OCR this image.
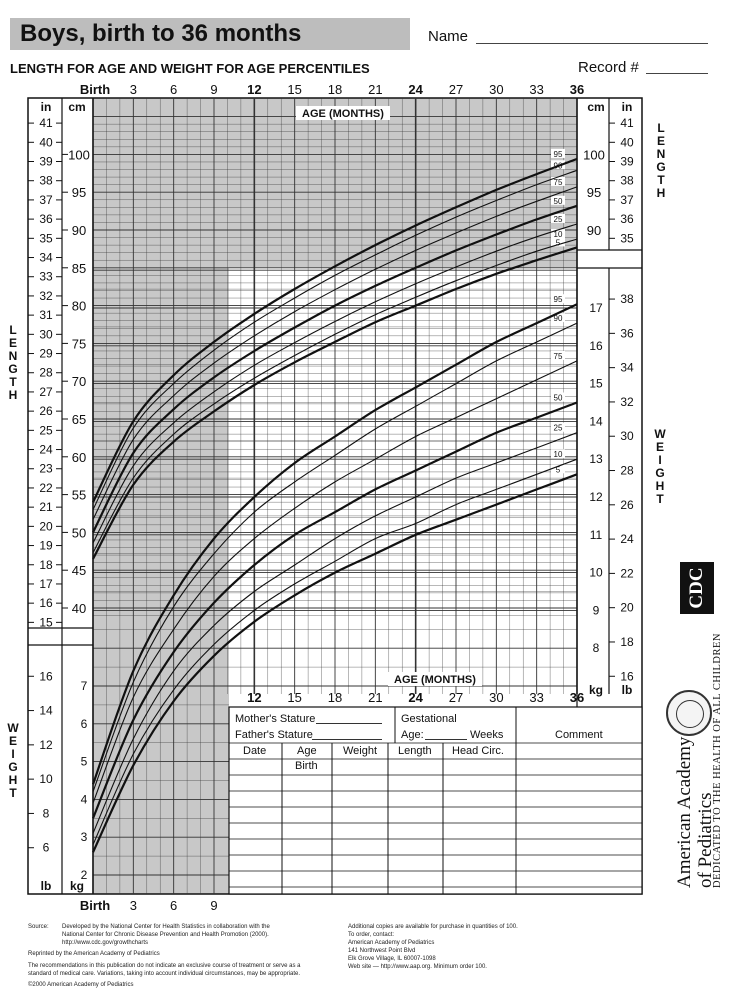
Boys, birth to 36 months	Name
LENGTH FOR AGE AND WEIGHT FOR AGE PERCENTILES	Record #
in cm	cm in
lb kg
kg lb
15
16
17
18
19
20
21
22
23
24
25
26
27
28
29
30
31
32
33
34
35	35
36	36
37	37
38	38
39	39
40	40
41	41
40
45
50
55
60
65
70
75
80
85
90	90
95	95
100	100
6
8
10
12
14
16	16
18
20
22
24
26
28
30
32
34
36
38
2
3
4
5
6
7
8
9
10
11
12
13
14
15
16
17
Birth 3	6	9 12 15 18 21 24 27 30 33 36
Birth 3	6	9
12 15 18 21 24 27 30 33 36
AGE (MONTHS)
AGE (MONTHS)
5
10
25
50
75
90
95
5
10
25
50
75
90
95
L
E
N
G
T
H
L
E
N
G
T
H
W
E
I
G
H
T
W
E
I
G
H
T
Mother's Stature
Father's Stature
Gestational
Age:	Weeks	Comment
Date	Age Weight Length Head Circ.
Birth
CDC
American Academy of Pediatrics
DEDICATED TO THE HEALTH OF ALL CHILDREN
Source: Developed by the National Center for Health Statistics in collaboration with the
National Center for Chronic Disease Prevention and Health Promotion (2000).
http://www.cdc.gov/growthcharts
Reprinted by the American Academy of Pediatrics
The recommendations in this publication do not indicate an exclusive course of treatment or serve as a
standard of medical care. Variations, taking into account individual circumstances, may be appropriate.
©2000 American Academy of Pediatrics
Additional copies are available for purchase in quantities of 100.
To order, contact:
American Academy of Pediatrics
141 Northwest Point Blvd
Elk Grove Village, IL 60007-1098
Web site — http://www.aap.org. Minimum order 100.
